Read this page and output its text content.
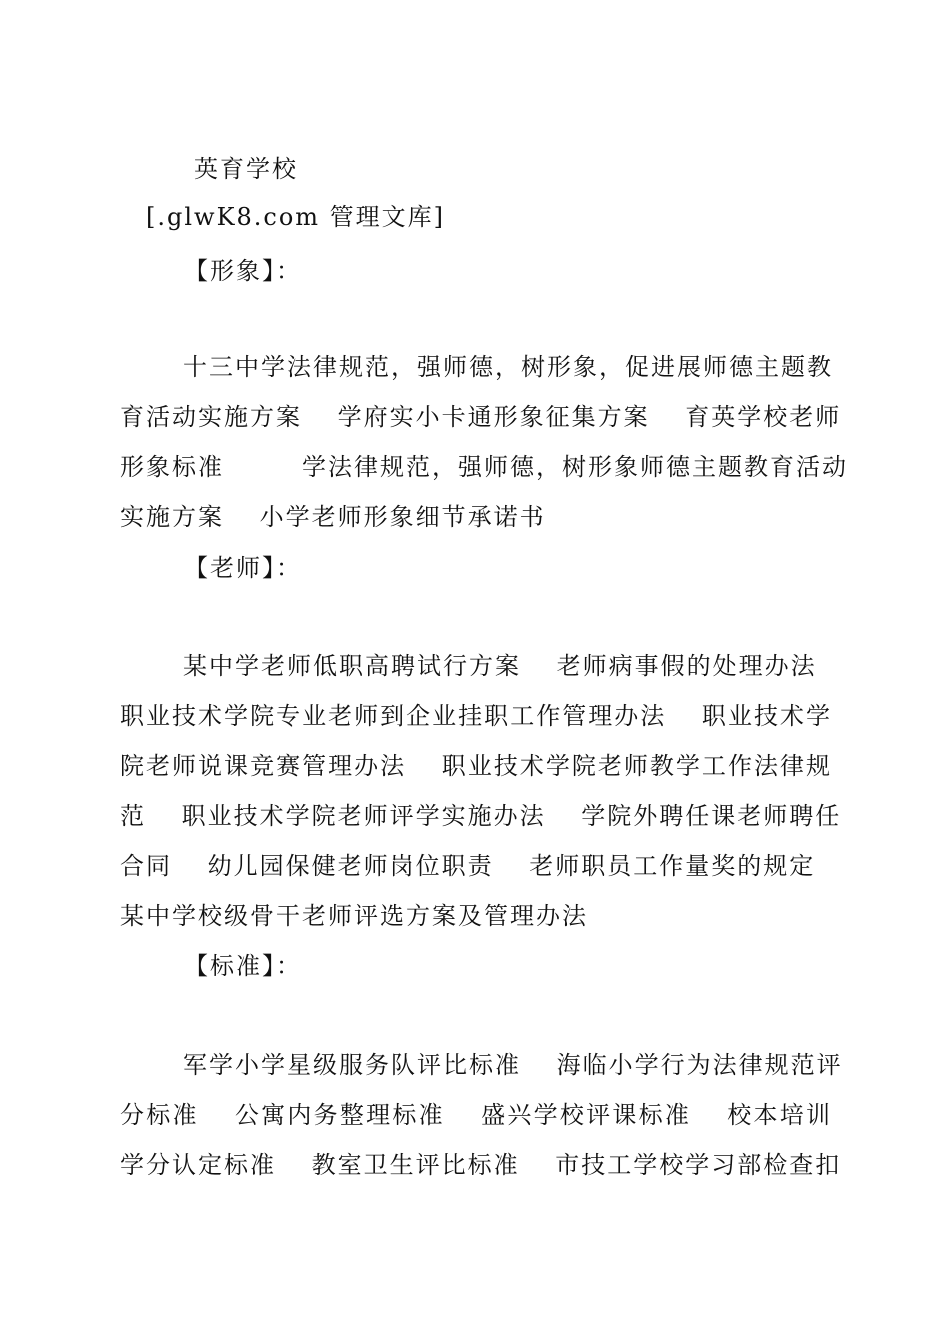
英育学校
[.glwK8.com 管理文库]
【形象】：
十三中学法律规范，强师德，树形象，促进展师德主题教
育活动实施方案　 学府实小卡通形象征集方案　 育英学校老师
形象标准　　　学法律规范，强师德，树形象师德主题教育活动
实施方案　 小学老师形象细节承诺书
【老师】：
某中学老师低职高聘试行方案　 老师病事假的处理办法
职业技术学院专业老师到企业挂职工作管理办法　 职业技术学
院老师说课竞赛管理办法　 职业技术学院老师教学工作法律规
范　 职业技术学院老师评学实施办法　 学院外聘任课老师聘任
合同　 幼儿园保健老师岗位职责　 老师职员工作量奖的规定
某中学校级骨干老师评选方案及管理办法
【标准】：
军学小学星级服务队评比标准　 海临小学行为法律规范评
分标准　 公寓内务整理标准　 盛兴学校评课标准　 校本培训
学分认定标准　 教室卫生评比标准　 市技工学校学习部检查扣
